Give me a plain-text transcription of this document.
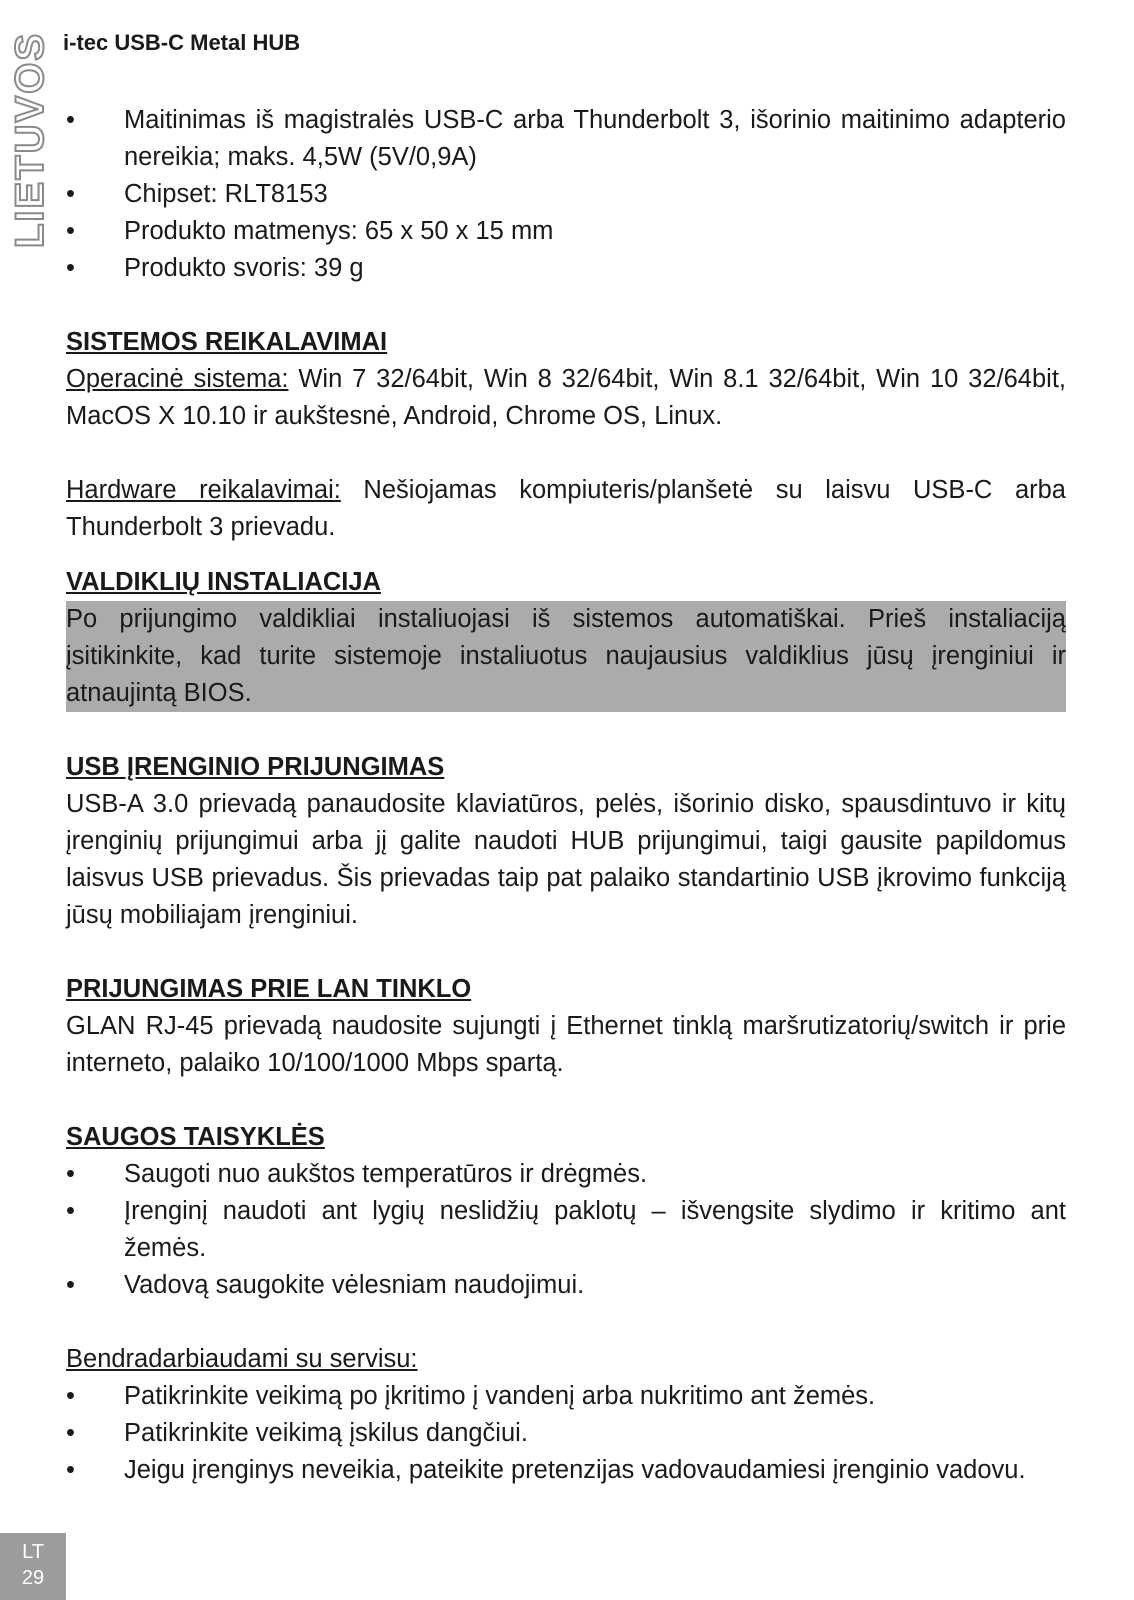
i-tec USB-C Metal HUB
LIETUVOS
•	Maitinimas iš magistralės USB-C arba Thunderbolt 3, išorinio maitinimo adapterio nereikia; maks. 4,5W (5V/0,9A)
• Chipset: RLT8153
• Produkto matmenys: 65 x 50 x 15 mm
• Produkto svoris: 39 g

SISTEMOS REIKALAVIMAI

Operacinė sistema: Win 7 32/64bit, Win 8 32/64bit, Win 8.1 32/64bit, Win 10 32/64bit, MacOS X 10.10 ir aukštesnė, Android, Chrome OS, Linux.

Hardware reikalavimai: Nešiojamas kompiuteris/planšetė su laisvu USB-C arba Thunderbolt 3 prievadu.

VALDIKLIŲ INSTALIACIJA

Po prijungimo valdikliai instaliuojasi iš sistemos automatiškai. Prieš instaliaciją įsitikinkite, kad turite sistemoje instaliuotus naujausius valdiklius jūsų įrenginiui ir atnaujintą BIOS.

USB ĮRENGINIO PRIJUNGIMAS

USB-A 3.0 prievadą panaudosite klaviatūros, pelės, išorinio disko, spausdintuvo ir kitų įrenginių prijungimui arba jį galite naudoti HUB prijungimui, taigi gausite papildomus laisvus USB prievadus. Šis prievadas taip pat palaiko standartinio USB įkrovimo funkciją jūsų mobiliajam įrenginiui.

PRIJUNGIMAS PRIE LAN TINKLO

GLAN RJ-45 prievadą naudosite sujungti į Ethernet tinklą maršrutizatorių/switch ir prie interneto, palaiko 10/100/1000 Mbps spartą.

SAUGOS TAISYKLĖS

• Saugoti nuo aukštos temperatūros ir drėgmės.
• Įrenginį naudoti ant lygių neslidžių paklotų – išvengsite slydimo ir kritimo ant žemės.
• Vadovą saugokite vėlesniam naudojimui.

Bendradarbiaudami su servisu:

• Patikrinkite veikimą po įkritimo į vandenį arba nukritimo ant žemės.
• Patikrinkite veikimą įskilus dangčiui.
• Jeigu įrenginys neveikia, pateikite pretenzijas vadovaudamiesi įrenginio vadovu.
LT
29
